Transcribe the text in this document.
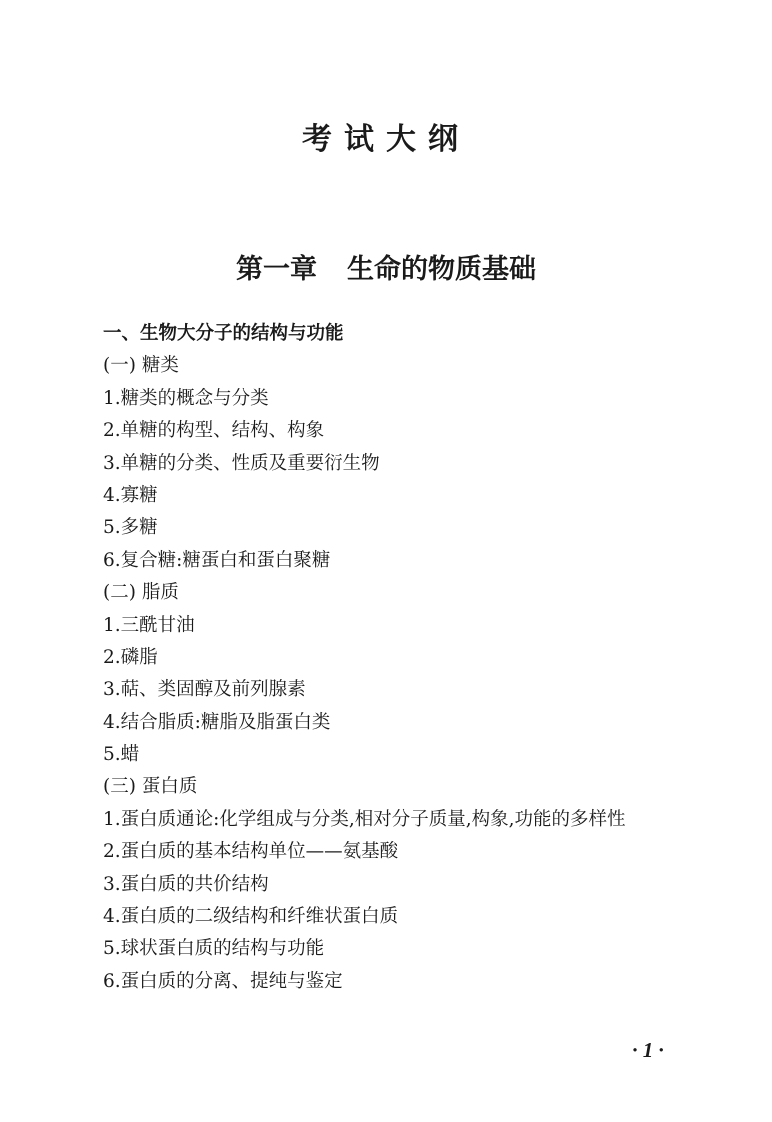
考试大纲
第一章 生命的物质基础
一、生物大分子的结构与功能
(一) 糖类
1.糖类的概念与分类
2.单糖的构型、结构、构象
3.单糖的分类、性质及重要衍生物
4.寡糖
5.多糖
6.复合糖:糖蛋白和蛋白聚糖
(二) 脂质
1.三酰甘油
2.磷脂
3.萜、类固醇及前列腺素
4.结合脂质:糖脂及脂蛋白类
5.蜡
(三) 蛋白质
1.蛋白质通论:化学组成与分类,相对分子质量,构象,功能的多样性
2.蛋白质的基本结构单位——氨基酸
3.蛋白质的共价结构
4.蛋白质的二级结构和纤维状蛋白质
5.球状蛋白质的结构与功能
6.蛋白质的分离、提纯与鉴定
· 1 ·
